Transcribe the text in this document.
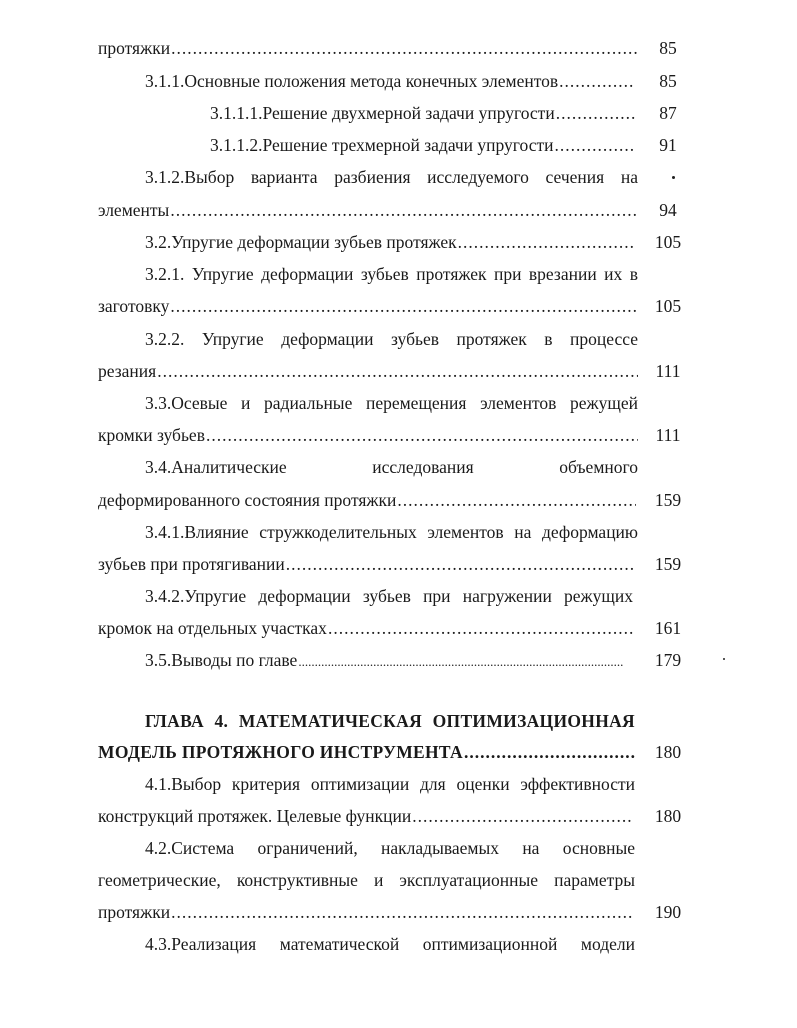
протяжки .....	85
3.1.1.Основные положения метода конечных элементов .....	85
3.1.1.1.Решение двухмерной задачи упругости .....	87
3.1.1.2.Решение трехмерной задачи упругости .....	91
3.1.2.Выбор варианта разбиения исследуемого сечения на
элементы .....	94
3.2.Упругие деформации зубьев протяжек .....	105
3.2.1. Упругие деформации зубьев протяжек при врезании их в
заготовку .....	105
3.2.2. Упругие деформации зубьев протяжек в процессе
резания .....	111
3.3.Осевые и радиальные перемещения элементов режущей
кромки зубьев .....	111
3.4.Аналитические исследования объемного
деформированного состояния протяжки .....	159
3.4.1.Влияние стружкоделительных элементов на деформацию
зубьев при протягивании .....	159
3.4.2.Упругие деформации зубьев при нагружении режущих
кромок на отдельных участках .....	161
3.5.Выводы по главе .....	179
ГЛАВА 4. МАТЕМАТИЧЕСКАЯ ОПТИМИЗАЦИОННАЯ
МОДЕЛЬ ПРОТЯЖНОГО ИНСТРУМЕНТА .....	180
4.1.Выбор критерия оптимизации для оценки эффективности
конструкций протяжек. Целевые функции .....	180
4.2.Система ограничений, накладываемых на основные
геометрические, конструктивные и эксплуатационные параметры
протяжки .....	190
4.3.Реализация математической оптимизационной модели
